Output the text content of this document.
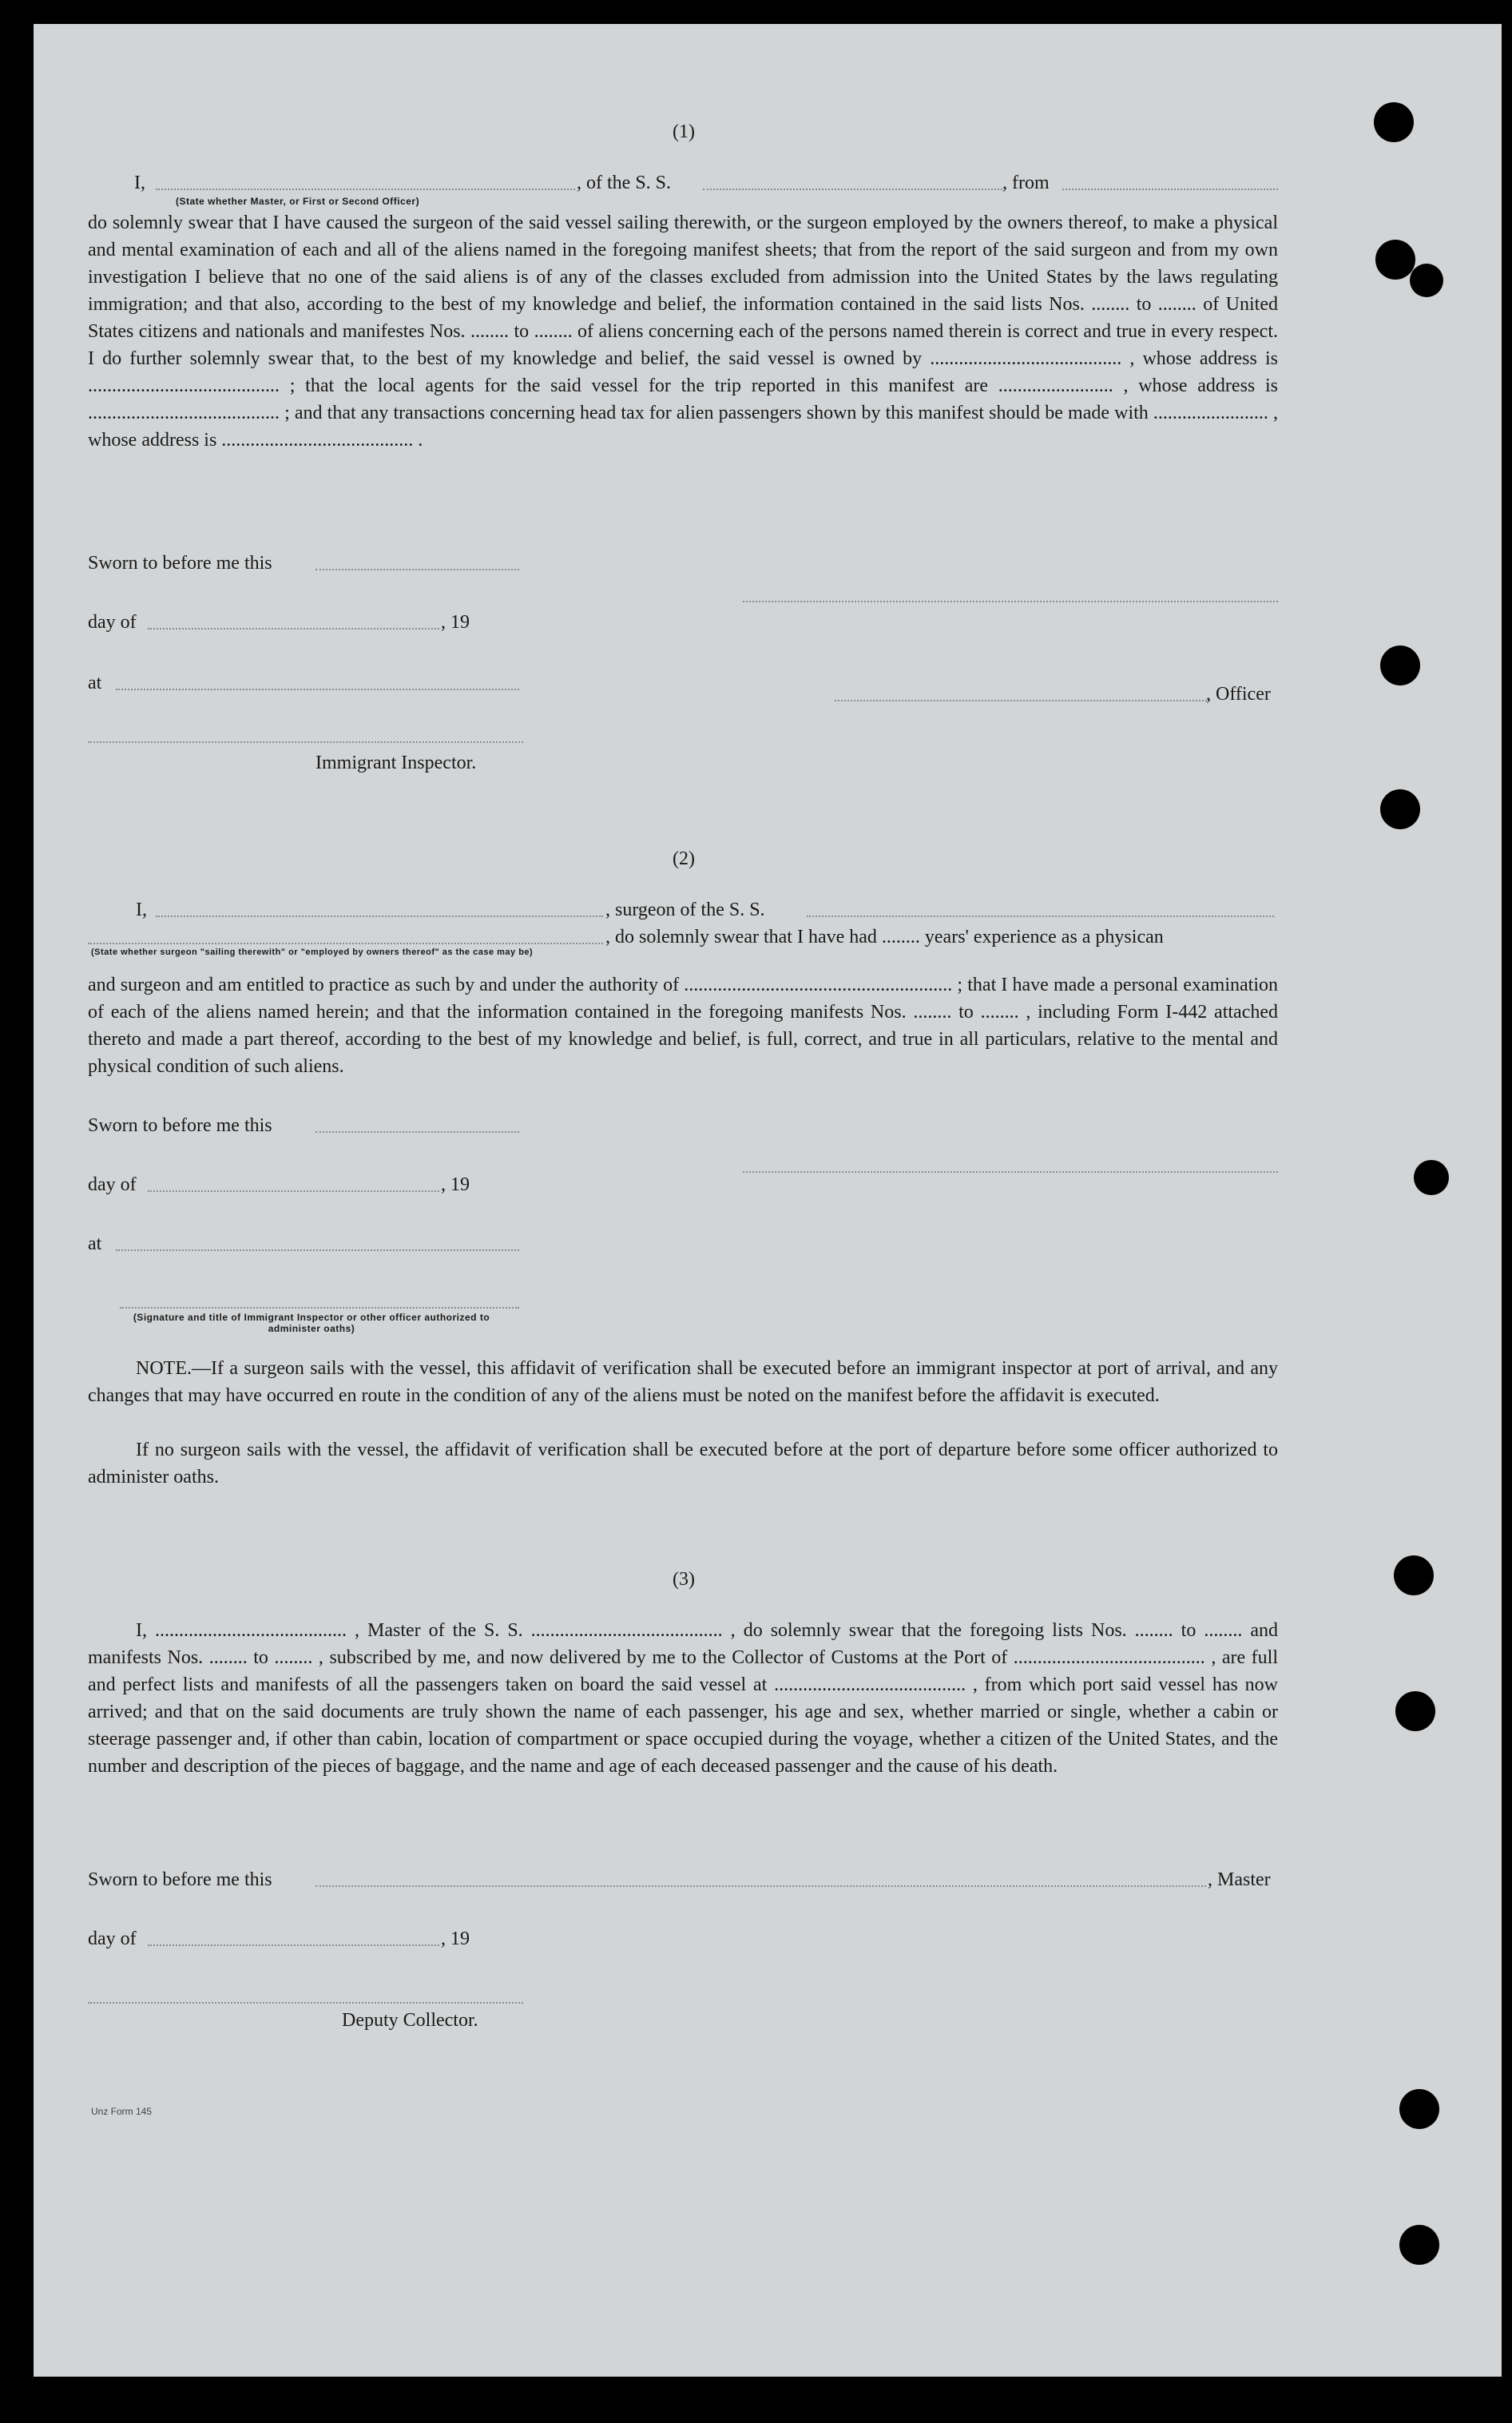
(1)
I,	, of the S. S.	, from
(State whether Master, or First or Second Officer)
do solemnly swear that I have caused the surgeon of the said vessel sailing therewith, or the surgeon employed by the owners thereof, to make a physical and mental examination of each and all of the aliens named in the foregoing manifest sheets; that from the report of the said surgeon and from my own investigation I believe that no one of the said aliens is of any of the classes excluded from admission into the United States by the laws regulating immigration; and that also, according to the best of my knowledge and belief, the information contained in the said lists Nos. ........ to ........ of United States citizens and nationals and manifestes Nos. ........ to ........ of aliens concerning each of the persons named therein is correct and true in every respect. I do further solemnly swear that, to the best of my knowledge and belief, the said vessel is owned by ........................................ , whose address is ........................................ ; that the local agents for the said vessel for the trip reported in this manifest are ........................ , whose address is ........................................ ; and that any transactions concerning head tax for alien passengers shown by this manifest should be made with ........................ , whose address is ........................................ .
Sworn to before me this
day of	, 19
at
, Officer
Immigrant Inspector.
(2)
I,	, surgeon of the S. S.
, do solemnly swear that I have had ........ years' experience as a physican
(State whether surgeon "sailing therewith" or "employed by owners thereof" as the case may be)
and surgeon and am entitled to practice as such by and under the authority of ........................................................ ; that I have made a personal examination of each of the aliens named herein; and that the information contained in the foregoing manifests Nos. ........ to ........ , including Form I-442 attached thereto and made a part thereof, according to the best of my knowledge and belief, is full, correct, and true in all particulars, relative to the mental and physical condition of such aliens.
Sworn to before me this
day of	, 19
at
(Signature and title of Immigrant Inspector or other officer authorized to administer oaths)
NOTE.—If a surgeon sails with the vessel, this affidavit of verification shall be executed before an immigrant inspector at port of arrival, and any changes that may have occurred en route in the condition of any of the aliens must be noted on the manifest before the affidavit is executed.
If no surgeon sails with the vessel, the affidavit of verification shall be executed before at the port of departure before some officer authorized to administer oaths.
(3)
I, ........................................ , Master of the S. S. ........................................ , do solemnly swear that the foregoing lists Nos. ........ to ........ and manifests Nos. ........ to ........ , subscribed by me, and now delivered by me to the Collector of Customs at the Port of ........................................ , are full and perfect lists and manifests of all the passengers taken on board the said vessel at ........................................ , from which port said vessel has now arrived; and that on the said documents are truly shown the name of each passenger, his age and sex, whether married or single, whether a cabin or steerage passenger and, if other than cabin, location of compartment or space occupied during the voyage, whether a citizen of the United States, and the number and description of the pieces of baggage, and the name and age of each deceased passenger and the cause of his death.
Sworn to before me this	, Master
day of	, 19
Deputy Collector.
Unz Form 145
